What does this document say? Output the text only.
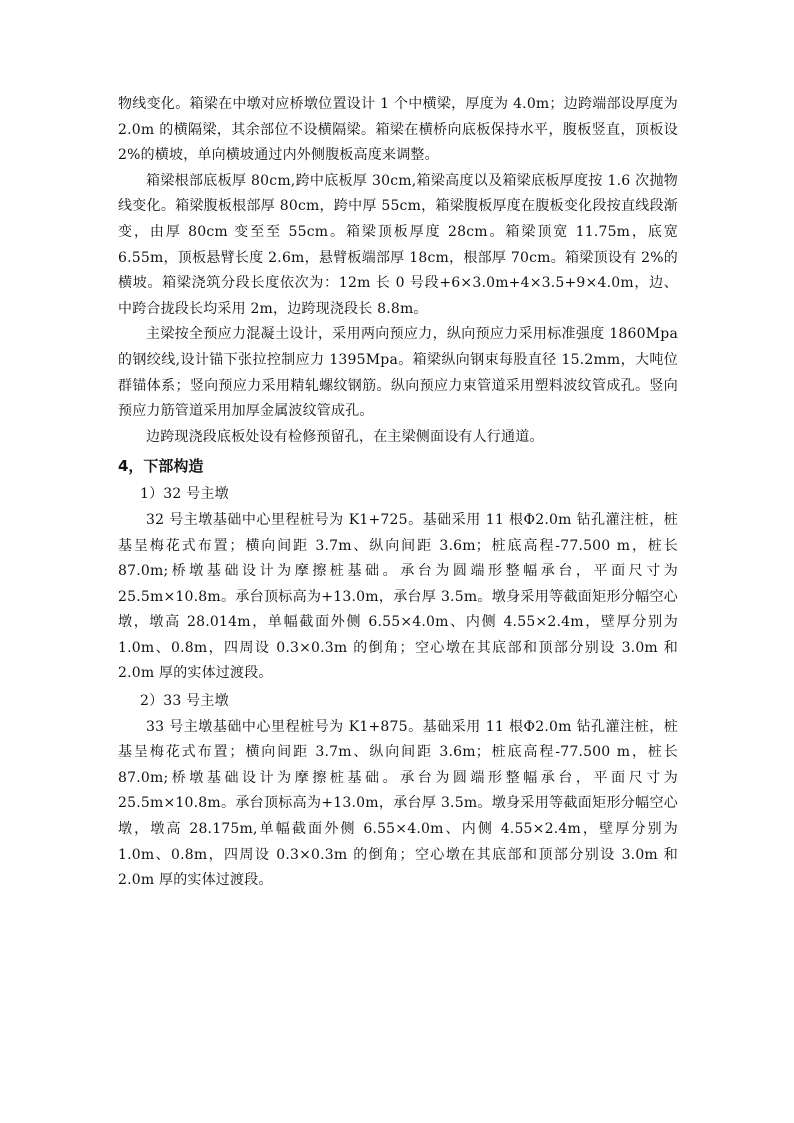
物线变化。箱梁在中墩对应桥墩位置设计 1 个中横梁，厚度为 4.0m；边跨端部设厚度为 2.0m 的横隔梁，其余部位不设横隔梁。箱梁在横桥向底板保持水平，腹板竖直，顶板设 2%的横坡，单向横坡通过内外侧腹板高度来调整。

箱梁根部底板厚 80cm,跨中底板厚 30cm,箱梁高度以及箱梁底板厚度按 1.6 次抛物线变化。箱梁腹板根部厚 80cm，跨中厚 55cm，箱梁腹板厚度在腹板变化段按直线段渐变，由厚 80cm 变至至 55cm。箱梁顶板厚度 28cm。箱梁顶宽 11.75m，底宽 6.55m，顶板悬臂长度 2.6m，悬臂板端部厚 18cm，根部厚 70cm。箱梁顶设有 2%的横坡。箱梁浇筑分段长度依次为：12m 长 0 号段+6×3.0m+4×3.5+9×4.0m，边、中跨合拢段长均采用 2m，边跨现浇段长 8.8m。

主梁按全预应力混凝土设计，采用两向预应力，纵向预应力采用标准强度 1860Mpa 的钢绞线,设计锚下张拉控制应力 1395Mpa。箱梁纵向钢束每股直径 15.2mm，大吨位群锚体系；竖向预应力采用精轧螺纹钢筋。纵向预应力束管道采用塑料波纹管成孔。竖向预应力筋管道采用加厚金属波纹管成孔。

边跨现浇段底板处设有检修预留孔，在主梁侧面设有人行通道。

4，下部构造

1）32 号主墩

32 号主墩基础中心里程桩号为 K1+725。基础采用 11 根Φ2.0m 钻孔灌注桩，桩基呈梅花式布置；横向间距 3.7m、纵向间距 3.6m；桩底高程-77.500 m，桩长 87.0m;桥墩基础设计为摩擦桩基础。承台为圆端形整幅承台，平面尺寸为 25.5m×10.8m。承台顶标高为+13.0m，承台厚 3.5m。墩身采用等截面矩形分幅空心墩，墩高 28.014m，单幅截面外侧 6.55×4.0m、内侧 4.55×2.4m，壁厚分别为 1.0m、0.8m，四周设 0.3×0.3m 的倒角；空心墩在其底部和顶部分别设 3.0m 和 2.0m 厚的实体过渡段。

2）33 号主墩

33 号主墩基础中心里程桩号为 K1+875。基础采用 11 根Φ2.0m 钻孔灌注桩，桩基呈梅花式布置；横向间距 3.7m、纵向间距 3.6m；桩底高程-77.500 m，桩长 87.0m;桥墩基础设计为摩擦桩基础。承台为圆端形整幅承台，平面尺寸为 25.5m×10.8m。承台顶标高为+13.0m，承台厚 3.5m。墩身采用等截面矩形分幅空心墩，墩高 28.175m,单幅截面外侧 6.55×4.0m、内侧 4.55×2.4m，壁厚分别为 1.0m、0.8m，四周设 0.3×0.3m 的倒角；空心墩在其底部和顶部分别设 3.0m 和 2.0m 厚的实体过渡段。
